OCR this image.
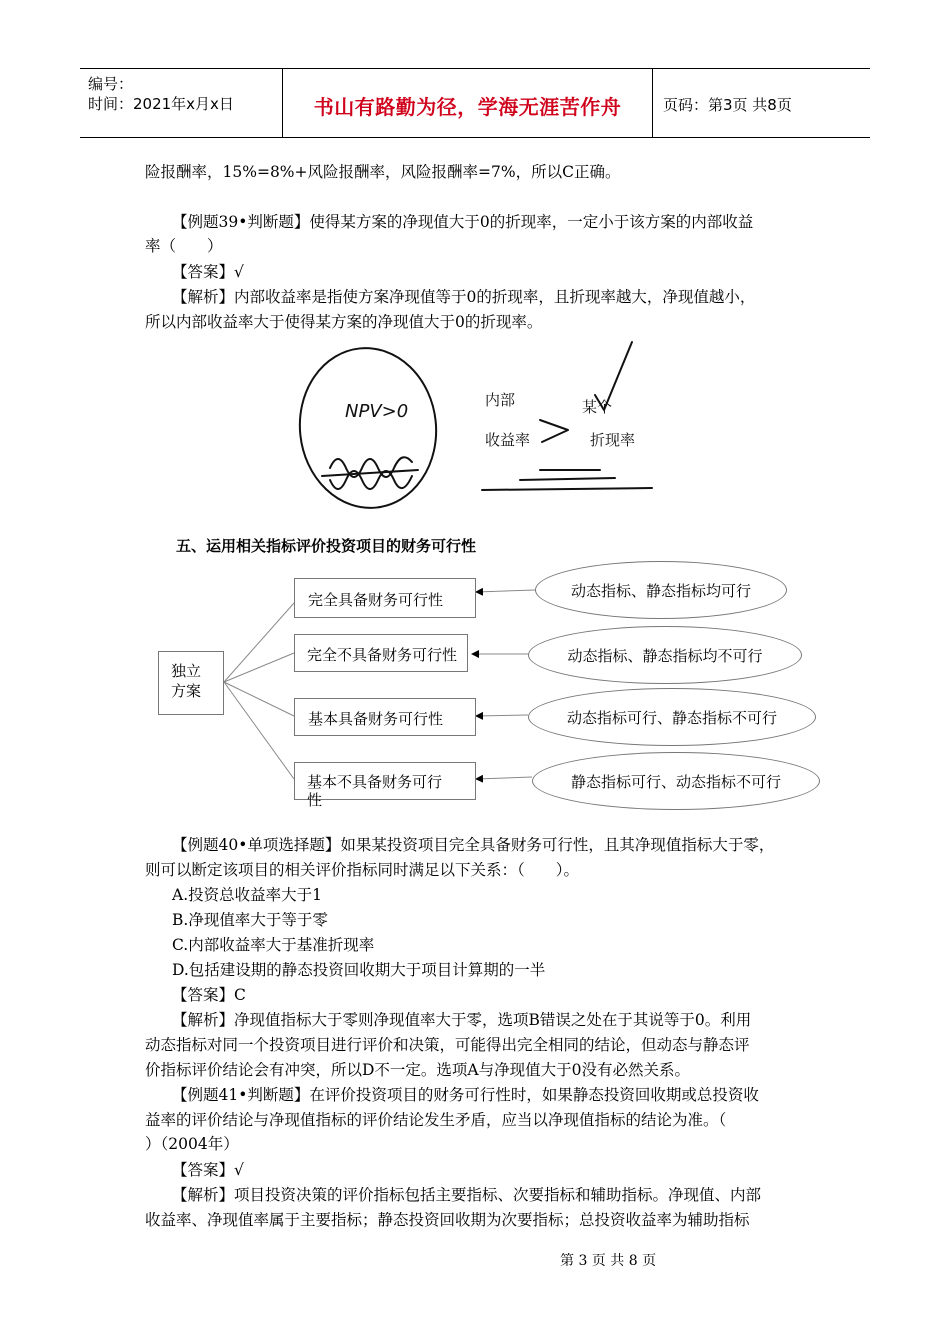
编号：
时间：2021年x月x日	书山有路勤为径，学海无涯苦作舟	页码：第3页 共8页
险报酬率，15%=8%+风险报酬率，风险报酬率=7%，所以C正确。
【例题39•判断题】使得某方案的净现值大于0的折现率，一定小于该方案的内部收益
率（　　）
【答案】√
【解析】内部收益率是指使方案净现值等于0的折现率，且折现率越大，净现值越小，
所以内部收益率大于使得某方案的净现值大于0的折现率。
NPV>0
内部
收益率
某个
折现率
五、运用相关指标评价投资项目的财务可行性
独立
方案
完全具备财务可行性
完全不具备财务可行性
基本具备财务可行性
基本不具备财务可行
性
动态指标、静态指标均可行
动态指标、静态指标均不可行
动态指标可行、静态指标不可行
静态指标可行、动态指标不可行
【例题40•单项选择题】如果某投资项目完全具备财务可行性，且其净现值指标大于零，
则可以断定该项目的相关评价指标同时满足以下关系：（　　）。
A.投资总收益率大于1
B.净现值率大于等于零
C.内部收益率大于基准折现率
D.包括建设期的静态投资回收期大于项目计算期的一半
【答案】C
【解析】净现值指标大于零则净现值率大于零，选项B错误之处在于其说等于0。利用
动态指标对同一个投资项目进行评价和决策，可能得出完全相同的结论，但动态与静态评
价指标评价结论会有冲突，所以D不一定。选项A与净现值大于0没有必然关系。
【例题41•判断题】在评价投资项目的财务可行性时，如果静态投资回收期或总投资收
益率的评价结论与净现值指标的评价结论发生矛盾，应当以净现值指标的结论为准。（
）（2004年）
【答案】√
【解析】项目投资决策的评价指标包括主要指标、次要指标和辅助指标。净现值、内部
收益率、净现值率属于主要指标；静态投资回收期为次要指标；总投资收益率为辅助指标
第 3 页 共 8 页
